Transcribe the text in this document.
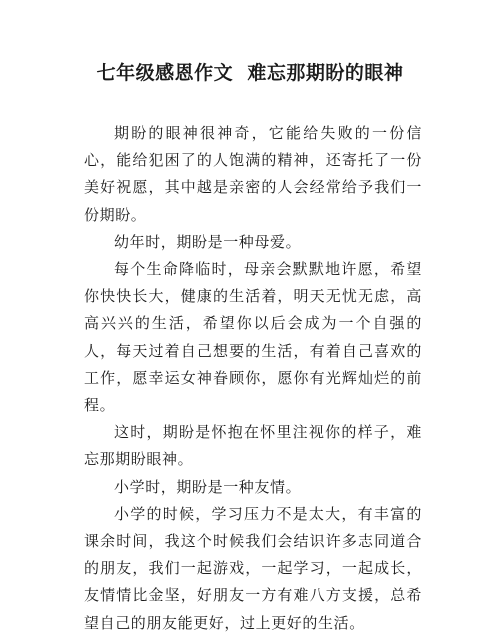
七年级感恩作文  难忘那期盼的眼神

期盼的眼神很神奇，它能给失败的一份信心，能给犯困了的人饱满的精神，还寄托了一份美好祝愿，其中越是亲密的人会经常给予我们一份期盼。

幼年时，期盼是一种母爱。

每个生命降临时，母亲会默默地许愿，希望你快快长大，健康的生活着，明天无忧无虑，高高兴兴的生活，希望你以后会成为一个自强的人，每天过着自己想要的生活，有着自己喜欢的工作，愿幸运女神眷顾你，愿你有光辉灿烂的前程。

这时，期盼是怀抱在怀里注视你的样子，难忘那期盼眼神。

小学时，期盼是一种友情。

小学的时候，学习压力不是太大，有丰富的课余时间，我这个时候我们会结识许多志同道合的朋友，我们一起游戏，一起学习，一起成长，友情情比金坚，好朋友一方有难八方支援，总希望自己的朋友能更好，过上更好的生活。
